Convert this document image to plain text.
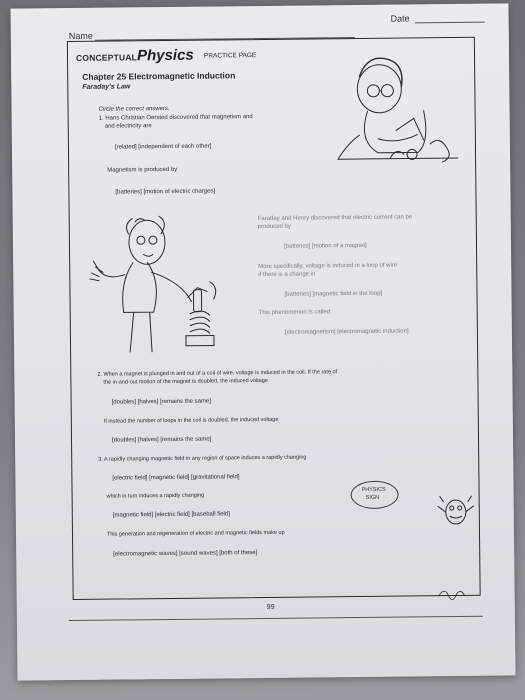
Name
Date
CONCEPTUALPhysics PRACTICE PAGE
Chapter 25 Electromagnetic Induction
Faraday's Law
Circle the correct answers.
1. Hans Christian Oersted discovered that magnetism and
and electricity are
[related] [independent of each other]
Magnetism is produced by
[batteries] [motion of electric charges]
Faraday and Henry discovered that electric current can be
produced by
[batteries] [motion of a magnet]
More specifically, voltage is induced in a loop of wire
if there is a change in
[batteries] [magnetic field in the loop]
This phenomenon is called
[electromagnetism] [electromagnetic induction]
2. When a magnet is plunged in and out of a coil of wire, voltage is induced in the coil. If the rate of
the in-and-out motion of the magnet is doubled, the induced voltage
[doubles] [halves] [remains the same]
If instead the number of loops in the coil is doubled, the induced voltage
[doubles] [halves] [remains the same]
3. A rapidly changing magnetic field in any region of space induces a rapidly changing
[electric field] [magnetic field] [gravitational field]
which in turn induces a rapidly changing
[magnetic field] [electric field] [baseball field]
This generation and regeneration of electric and magnetic fields make up
[electromagnetic waves] [sound waves] [both of these]
PHYSICS
SIGN
99
